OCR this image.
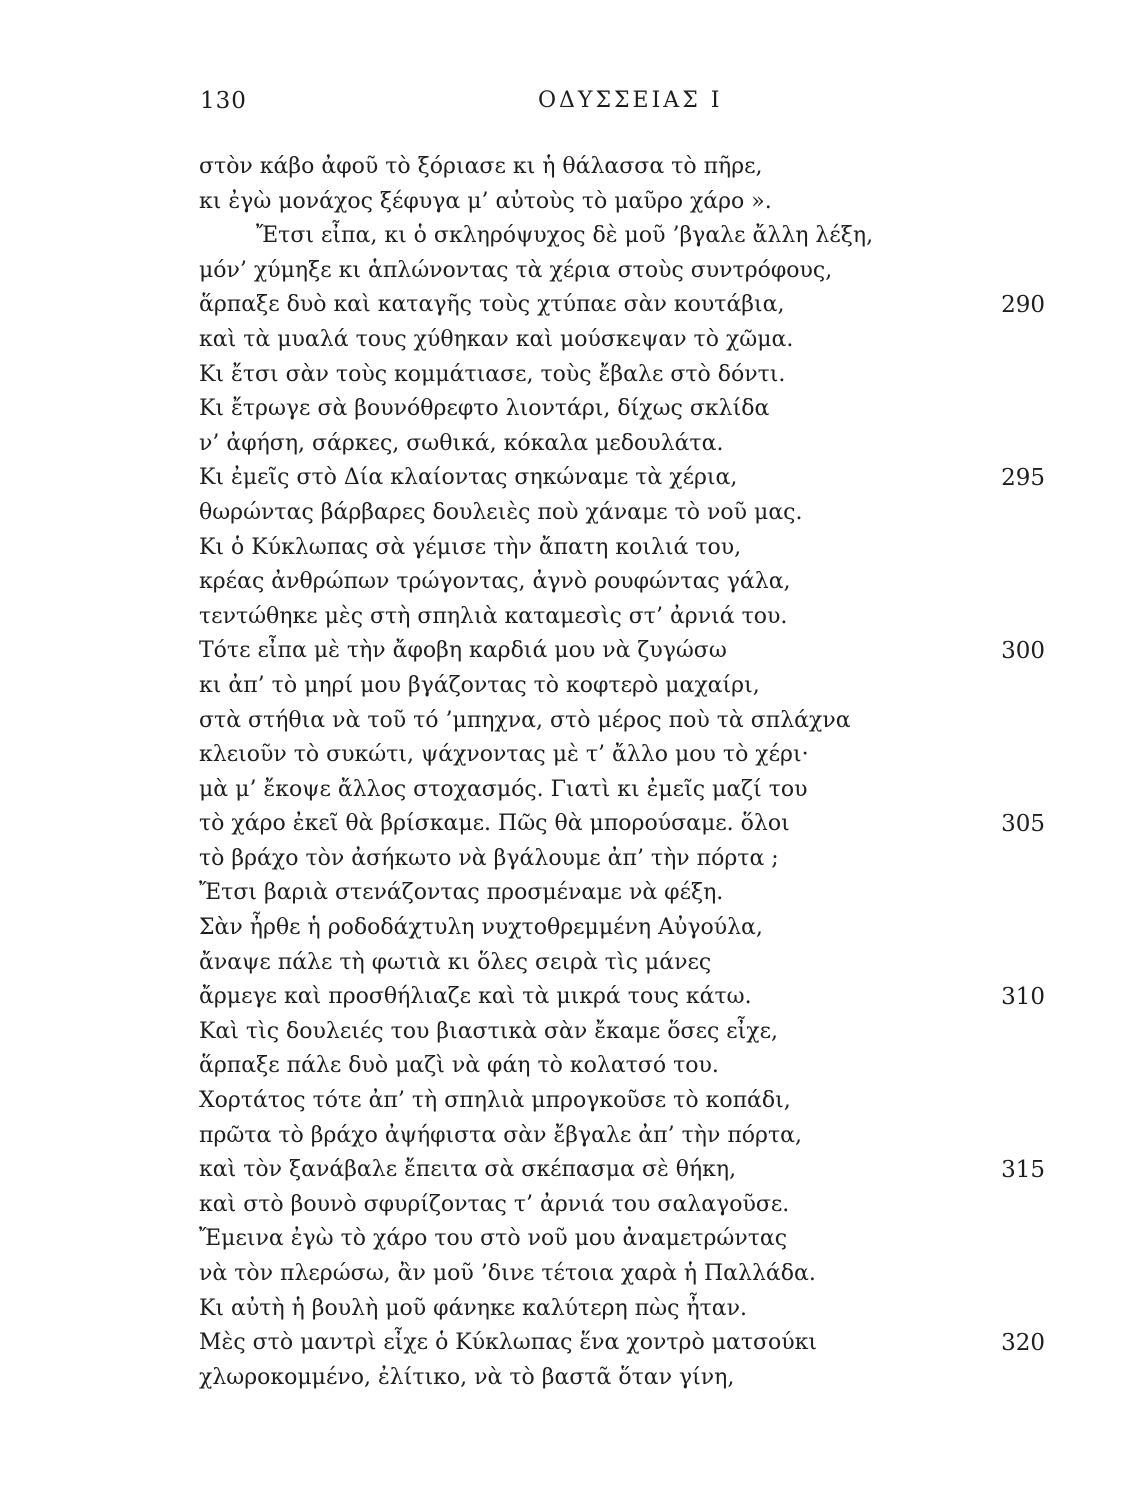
130	ΟΔΥΣΣΕΙΑΣ Ι
στὸν κάβο ἀφοῦ τὸ ξόριασε κι ἡ θάλασσα τὸ πῆρε,
κι ἐγὼ μονάχος ξέφυγα μ’ αὐτοὺς τὸ μαῦρο χάρο ».
Ἔτσι εἶπα, κι ὁ σκληρόψυχος δὲ μοῦ ’βγαλε ἄλλη λέξη,
μόν’ χύμηξε κι ἁπλώνοντας τὰ χέρια στοὺς συντρόφους,
ἅρπαξε δυὸ καὶ καταγῆς τοὺς χτύπαε σὰν κουτάβια,	290
καὶ τὰ μυαλά τους χύθηκαν καὶ μούσκεψαν τὸ χῶμα.
Κι ἔτσι σὰν τοὺς κομμάτιασε, τοὺς ἔβαλε στὸ δόντι.
Κι ἔτρωγε σὰ βουνόθρεφτο λιοντάρι, δίχως σκλίδα
ν’ ἀφήση, σάρκες, σωθικά, κόκαλα μεδουλάτα.
Κι ἐμεῖς στὸ Δία κλαίοντας σηκώναμε τὰ χέρια,	295
θωρώντας βάρβαρες δουλειὲς ποὺ χάναμε τὸ νοῦ μας.
Κι ὁ Κύκλωπας σὰ γέμισε τὴν ἄπατη κοιλιά του,
κρέας ἀνθρώπων τρώγοντας, ἀγνὸ ρουφώντας γάλα,
τεντώθηκε μὲς στὴ σπηλιὰ καταμεσὶς στ’ ἀρνιά του.
Τότε εἶπα μὲ τὴν ἄφοβη καρδιά μου νὰ ζυγώσω	300
κι ἀπ’ τὸ μηρί μου βγάζοντας τὸ κοφτερὸ μαχαίρι,
στὰ στήθια νὰ τοῦ τό ’μπηχνα, στὸ μέρος ποὺ τὰ σπλάχνα
κλειοῦν τὸ συκώτι, ψάχνοντας μὲ τ’ ἄλλο μου τὸ χέρι·
μὰ μ’ ἔκοψε ἄλλος στοχασμός. Γιατὶ κι ἐμεῖς μαζί του
τὸ χάρο ἐκεῖ θὰ βρίσκαμε. Πῶς θὰ μπορούσαμε. ὅλοι	305
τὸ βράχο τὸν ἀσήκωτο νὰ βγάλουμε ἀπ’ τὴν πόρτα ;
Ἔτσι βαριὰ στενάζοντας προσμέναμε νὰ φέξη.
Σὰν ἦρθε ἡ ροδοδάχτυλη νυχτοθρεμμένη Αὐγούλα,
ἄναψε πάλε τὴ φωτιὰ κι ὅλες σειρὰ τὶς μάνες
ἄρμεγε καὶ προσθήλιαζε καὶ τὰ μικρά τους κάτω.	310
Καὶ τὶς δουλειές του βιαστικὰ σὰν ἔκαμε ὅσες εἶχε,
ἅρπαξε πάλε δυὸ μαζὶ νὰ φάη τὸ κολατσό του.
Χορτάτος τότε ἀπ’ τὴ σπηλιὰ μπρογκοῦσε τὸ κοπάδι,
πρῶτα τὸ βράχο ἀψήφιστα σὰν ἔβγαλε ἀπ’ τὴν πόρτα,
καὶ τὸν ξανάβαλε ἔπειτα σὰ σκέπασμα σὲ θήκη,	315
καὶ στὸ βουνὸ σφυρίζοντας τ’ ἀρνιά του σαλαγοῦσε.
Ἔμεινα ἐγὼ τὸ χάρο του στὸ νοῦ μου ἀναμετρώντας
νὰ τὸν πλερώσω, ἂν μοῦ ’δινε τέτοια χαρὰ ἡ Παλλάδα.
Κι αὐτὴ ἡ βουλὴ μοῦ φάνηκε καλύτερη πὼς ἦταν.
Μὲς στὸ μαντρὶ εἶχε ὁ Κύκλωπας ἕνα χοντρὸ ματσούκι	320
χλωροκομμένο, ἐλίτικο, νὰ τὸ βαστᾶ ὅταν γίνη,
